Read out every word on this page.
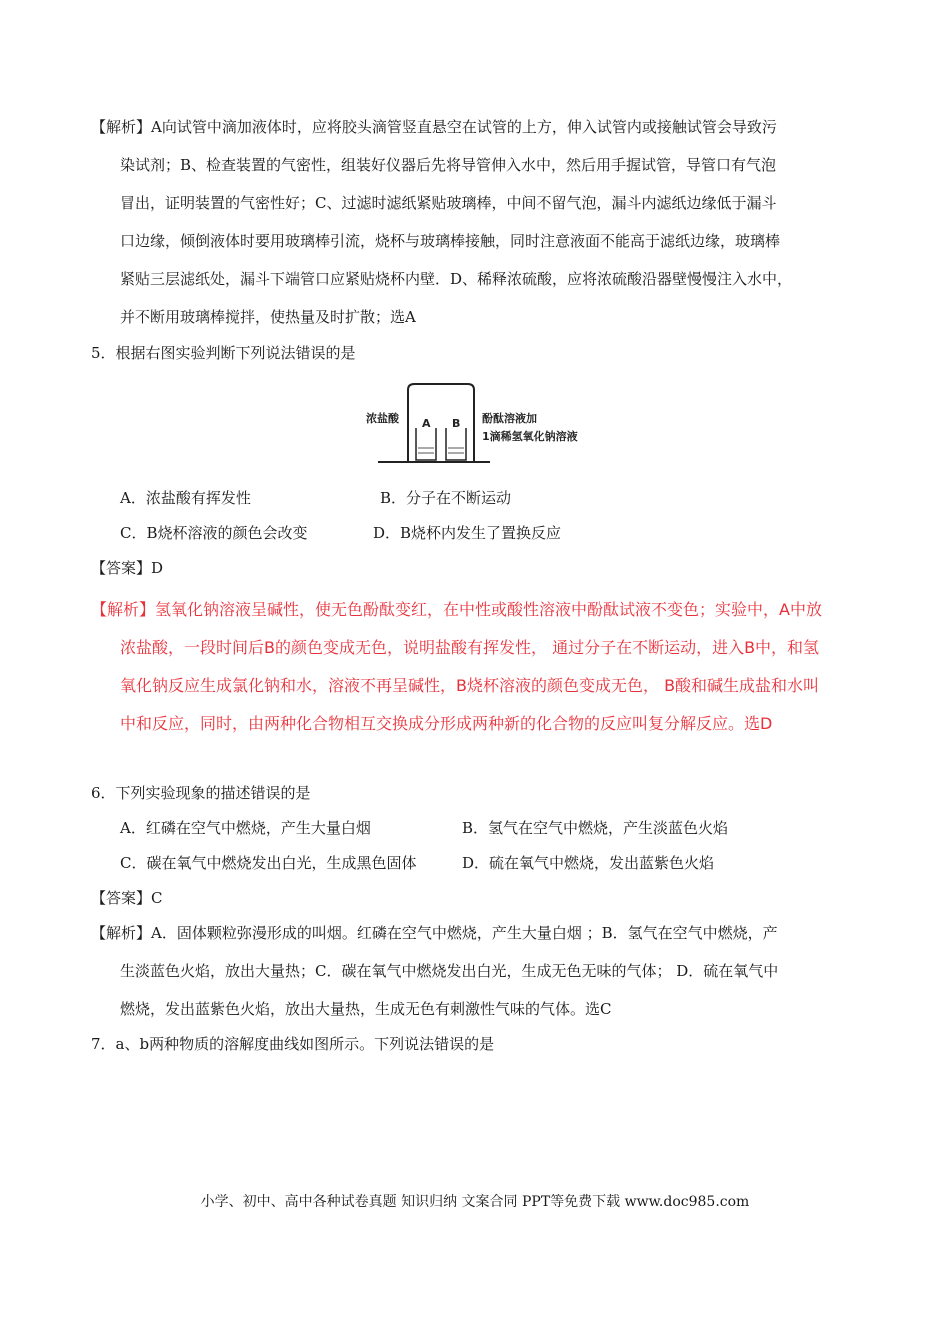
【解析】A向试管中滴加液体时，应将胶头滴管竖直悬空在试管的上方，伸入试管内或接触试管会导致污
染试剂；B、检查装置的气密性，组装好仪器后先将导管伸入水中，然后用手握试管，导管口有气泡
冒出，证明装置的气密性好；C、过滤时滤纸紧贴玻璃棒，中间不留气泡，漏斗内滤纸边缘低于漏斗
口边缘，倾倒液体时要用玻璃棒引流，烧杯与玻璃棒接触，同时注意液面不能高于滤纸边缘，玻璃棒
紧贴三层滤纸处，漏斗下端管口应紧贴烧杯内壁．D、稀释浓硫酸，应将浓硫酸沿器壁慢慢注入水中，
并不断用玻璃棒搅拌，使热量及时扩散；选A
5．根据右图实验判断下列说法错误的是
浓盐酸 A B 酚酞溶液加
1滴稀氢氧化钠溶液
A．浓盐酸有挥发性	B．分子在不断运动
C．B烧杯溶液的颜色会改变	D．B烧杯内发生了置换反应
【答案】D
【解析】氢氧化钠溶液呈碱性，使无色酚酞变红，在中性或酸性溶液中酚酞试液不变色；实验中，A中放
浓盐酸，一段时间后B的颜色变成无色，说明盐酸有挥发性， 通过分子在不断运动，进入B中，和氢
氧化钠反应生成氯化钠和水，溶液不再呈碱性，B烧杯溶液的颜色变成无色， B酸和碱生成盐和水叫
中和反应，同时，由两种化合物相互交换成分形成两种新的化合物的反应叫复分解反应。选D
6．下列实验现象的描述错误的是
A．红磷在空气中燃烧，产生大量白烟	B．氢气在空气中燃烧，产生淡蓝色火焰
C．碳在氧气中燃烧发出白光，生成黑色固体	D．硫在氧气中燃烧，发出蓝紫色火焰
【答案】C
【解析】A．固体颗粒弥漫形成的叫烟。红磷在空气中燃烧，产生大量白烟 ；B．氢气在空气中燃烧，产
生淡蓝色火焰，放出大量热；C．碳在氧气中燃烧发出白光，生成无色无味的气体； D．硫在氧气中
燃烧，发出蓝紫色火焰，放出大量热，生成无色有刺激性气味的气体。选C
7．a、b两种物质的溶解度曲线如图所示。下列说法错误的是
小学、初中、高中各种试卷真题 知识归纳 文案合同 PPT等免费下载 www.doc985.com
